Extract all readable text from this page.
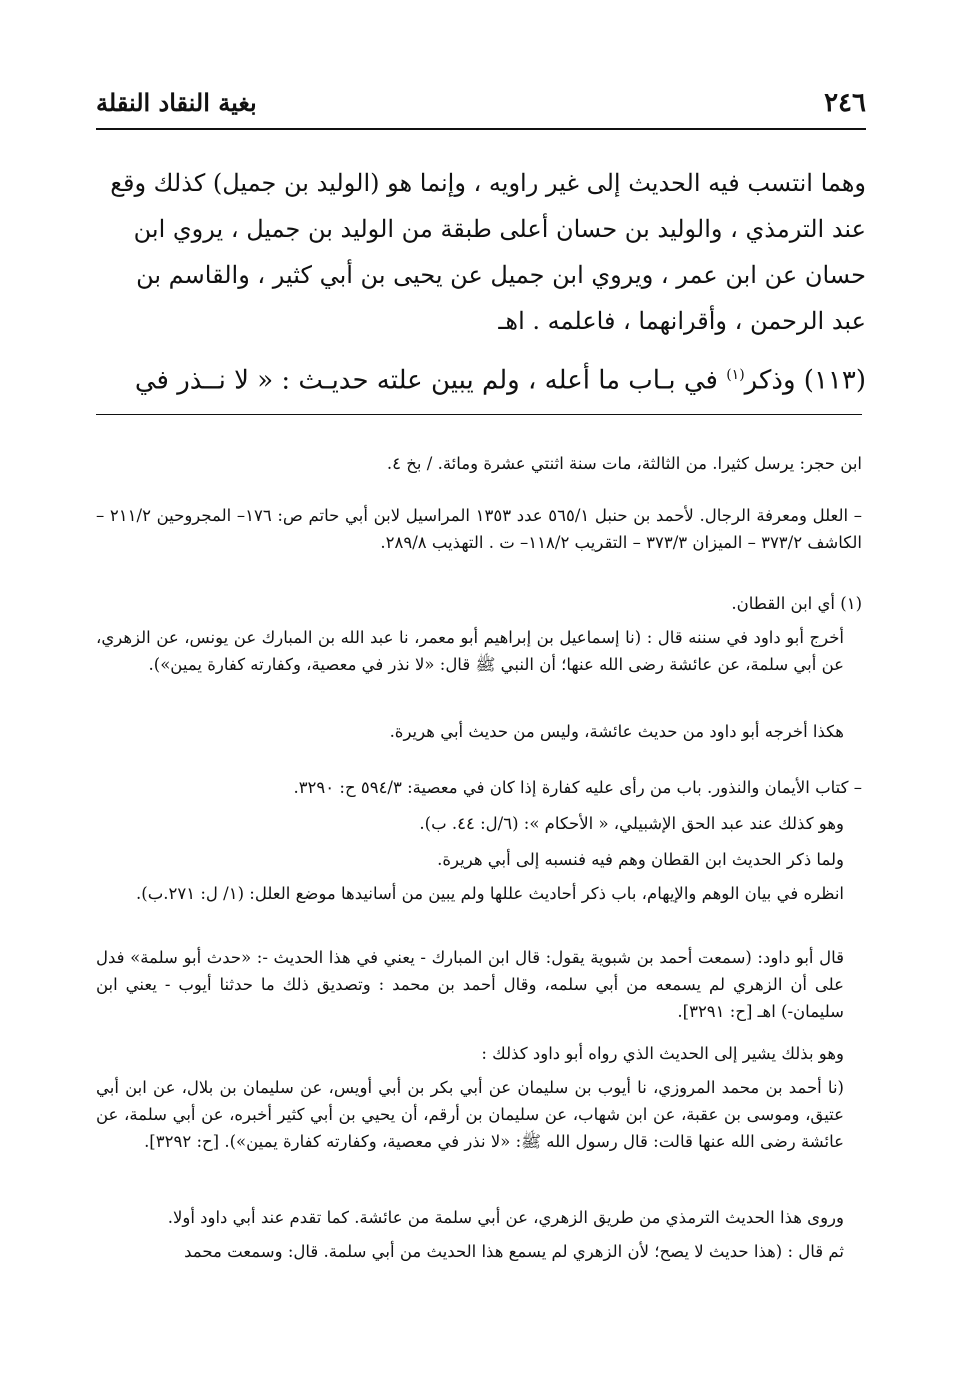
٢٤٦
بغية النقاد النقلة

وهما انتسب فيه الحديث إلى غير راويه ، وإنما هو (الوليد بن جميل) كذلك وقع

عند الترمذي ، والوليد بن حسان أعلى طبقة من الوليد بن جميل ، يروي ابن

حسان عن ابن عمر ، ويروي ابن جميل عن يحيى بن أبي كثير ، والقاسم بن

عبد الرحمن ، وأقرانهما ، فاعلمه . اهـ

(١١٣) وذكر$^{(١)}$ في بـاب ما أعله ، ولم يبين علته حديـث : « لا نــذر في

ابن حجر: يرسل كثيرا. من الثالثة، مات سنة اثنتي عشرة ومائة. / بخ ٤.

– العلل ومعرفة الرجال. لأحمد بن حنبل ٥٦٥/١ عدد ١٣٥٣ المراسيل لابن أبي حاتم ص: ١٧٦– المجروحين ٢١١/٢ – الكاشف ٣٧٣/٢ – الميزان ٣٧٣/٣ – التقريب ١١٨/٢– ت . التهذيب ٢٨٩/٨.

(١) أي ابن القطان.

أخرج أبو داود في سننه قال : (نا إسماعيل بن إبراهيم أبو معمر، نا عبد الله بن المبارك عن يونس، عن الزهري، عن أبي سلمة، عن عائشة رضى الله عنها؛ أن النبي ﷺ قال: «لا نذر في معصية، وكفارته كفارة يمين»).

هكذا أخرجه أبو داود من حديث عائشة، وليس من حديث أبي هريرة.

– كتاب الأيمان والنذور. باب من رأى عليه كفارة إذا كان في معصية: ٥٩٤/٣ ح: ٣٢٩٠.

وهو كذلك عند عبد الحق الإشبيلي، « الأحكام »: (٦/ل: ٤٤. ب).

ولما ذكر الحديث ابن القطان وهم فيه فنسبه إلى أبي هريرة.

انظره في بيان الوهم والإيهام، باب ذكر أحاديث عللها ولم يبين من أسانيدها موضع العلل: (١/ ل: ٢٧١.ب).

قال أبو داود: (سمعت أحمد بن شبوية يقول: قال ابن المبارك - يعني في هذا الحديث -: «حدث أبو سلمة» فدل على أن الزهري لم يسمعه من أبي سلمه، وقال أحمد بن محمد : وتصديق ذلك ما حدثنا أيوب - يعني ابن سليمان-) اهـ [ح: ٣٢٩١].

وهو بذلك يشير إلى الحديث الذي رواه أبو داود كذلك :

(نا أحمد بن محمد المروزي، نا أيوب بن سليمان عن أبي بكر بن أبي أويس، عن سليمان بن بلال، عن ابن أبي عتيق، وموسى بن عقبة، عن ابن شهاب، عن سليمان بن أرقم، أن يحيي بن أبي كثير أخبره، عن أبي سلمة، عن عائشة رضى الله عنها قالت: قال رسول الله ﷺ: «لا نذر في معصية، وكفارته كفارة يمين»). [ح: ٣٢٩٢].

وروى هذا الحديث الترمذي من طريق الزهري، عن أبي سلمة من عائشة. كما تقدم عند أبي داود أولا.

ثم قال : (هذا حديث لا يصح؛ لأن الزهري لم يسمع هذا الحديث من أبي سلمة. قال: وسمعت محمد
